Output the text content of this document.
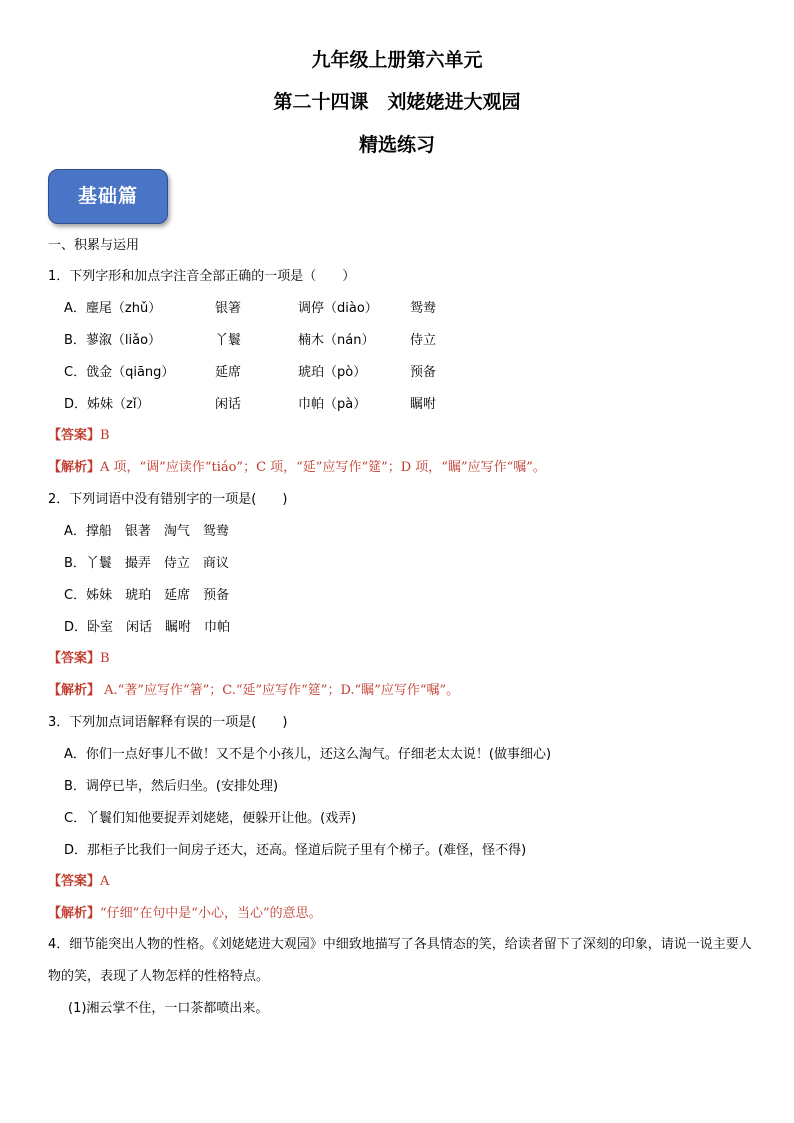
九年级上册第六单元
第二十四课　刘姥姥进大观园
精选练习
基础篇
一、积累与运用
1．下列字形和加点字注音全部正确的一项是（　　）
A．麈尾（zhǔ）	银箸	调停（diào） 鸳鸯
B．蓼溆（liǎo）	丫鬟	楠木（nán）	侍立
C．戗金（qiāng）	延席	琥珀（pò）	预备
D．姊妹（zǐ）	闲话	巾帕（pà）	瞩咐
【答案】B
【解析】A 项，“调”应读作“tiáo”；C 项，“延”应写作“筵”；D 项，“瞩”应写作“嘱”。
2．下列词语中没有错别字的一项是(　　)
A．撑船　银著　淘气　鸳鸯
B．丫鬟　撮弄　侍立　商议
C．姊妹　琥珀　延席　预备
D．卧室　闲话　瞩咐　巾帕
【答案】B
【解析】 A.“著”应写作“箸”；C.“延”应写作“筵”；D.“瞩”应写作“嘱”。
3．下列加点词语解释有误的一项是(　　)
A．你们一点好事儿不做！又不是个小孩儿，还这么淘气。仔细老太太说！(做事细心)
B．调停已毕，然后归坐。(安排处理)
C．丫鬟们知他要捉弄刘姥姥，便躲开让他。(戏弄)
D．那柜子比我们一间房子还大，还高。怪道后院子里有个梯子。(难怪，怪不得)
【答案】A
【解析】“仔细”在句中是“小心，当心”的意思。
4．细节能突出人物的性格。《刘姥姥进大观园》中细致地描写了各具情态的笑，给读者留下了深刻的印象，请说一说主要人物的笑，表现了人物怎样的性格特点。
(1)湘云掌不住，一口茶都喷出来。
